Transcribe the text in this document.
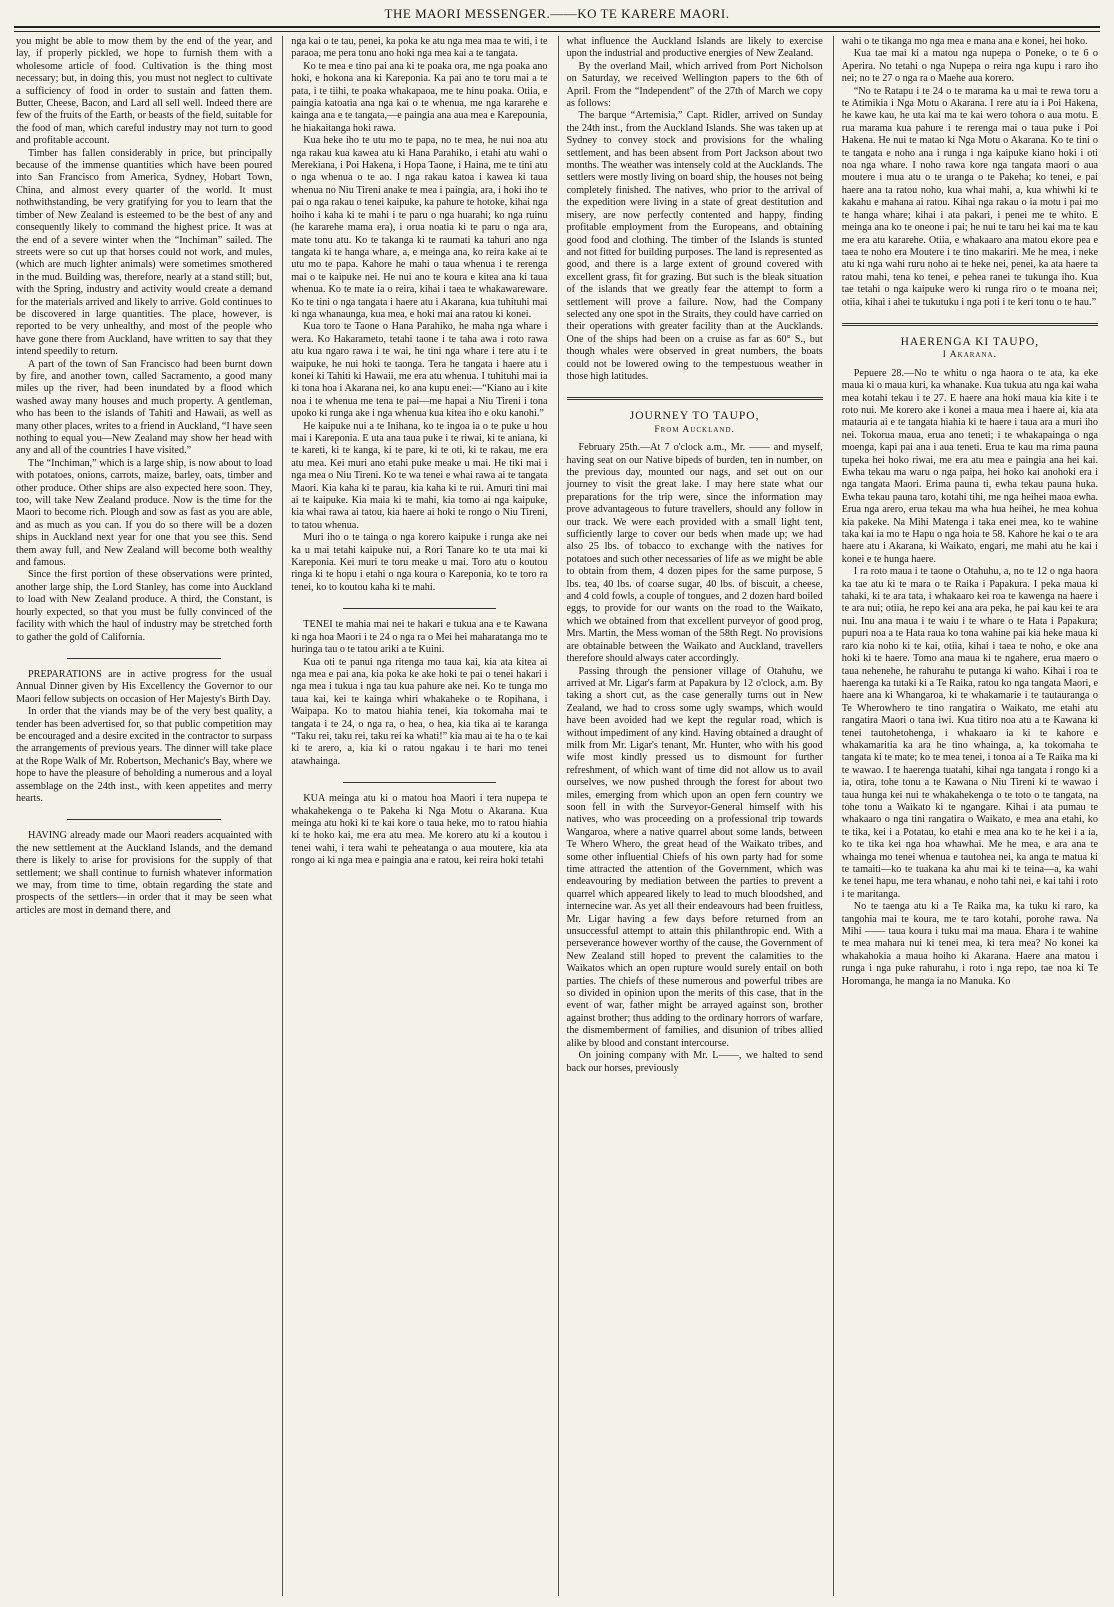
THE MAORI MESSENGER.——KO TE KARERE MAORI.

you might be able to mow them by the end of the year, and lay, if properly pickled, we hope to furnish them with a wholesome article of food. Cultivation is the thing most necessary; but, in doing this, you must not neglect to cultivate a sufficiency of food in order to sustain and fatten them. Butter, Cheese, Bacon, and Lard all sell well. Indeed there are few of the fruits of the Earth, or beasts of the field, suitable for the food of man, which careful industry may not turn to good and profitable account.

Timber has fallen considerably in price, but principally because of the immense quantities which have been poured into San Francisco from America, Sydney, Hobart Town, China, and almost every quarter of the world. It must nothwithstanding, be very gratifying for you to learn that the timber of New Zealand is esteemed to be the best of any and consequently likely to command the highest price. It was at the end of a severe winter when the “Inchiman” sailed. The streets were so cut up that horses could not work, and mules, (which are much lighter animals) were sometimes smothered in the mud. Building was, therefore, nearly at a stand still; but, with the Spring, industry and activity would create a demand for the materials arrived and likely to arrive. Gold continues to be discovered in large quantities. The place, however, is reported to be very unhealthy, and most of the people who have gone there from Auckland, have written to say that they intend speedily to return.

A part of the town of San Francisco had been burnt down by fire, and another town, called Sacramento, a good many miles up the river, had been inundated by a flood which washed away many houses and much property. A gentleman, who has been to the islands of Tahiti and Hawaii, as well as many other places, writes to a friend in Auckland, “I have seen nothing to equal you—New Zealand may show her head with any and all of the countries I have visited.”

The “Inchiman,” which is a large ship, is now about to load with potatoes, onions, carrots, maize, barley, oats, timber and other produce. Other ships are also expected here soon. They, too, will take New Zealand produce. Now is the time for the Maori to become rich. Plough and sow as fast as you are able, and as much as you can. If you do so there will be a dozen ships in Auckland next year for one that you see this. Send them away full, and New Zealand will become both wealthy and famous.

Since the first portion of these observations were printed, another large ship, the Lord Stanley, has come into Auckland to load with New Zealand produce. A third, the Constant, is hourly expected, so that you must be fully convinced of the facility with which the haul of industry may be stretched forth to gather the gold of California.

PREPARATIONS are in active progress for the usual Annual Dinner given by His Excellency the Governor to our Maori fellow subjects on occasion of Her Majesty's Birth Day.

In order that the viands may be of the very best quality, a tender has been advertised for, so that public competition may be encouraged and a desire excited in the contractor to surpass the arrangements of previous years. The dinner will take place at the Rope Walk of Mr. Robertson, Mechanic's Bay, where we hope to have the pleasure of beholding a numerous and a loyal assemblage on the 24th inst., with keen appetites and merry hearts.

HAVING already made our Maori readers acquainted with the new settlement at the Auckland Islands, and the demand there is likely to arise for provisions for the supply of that settlement; we shall continue to furnish whatever information we may, from time to time, obtain regarding the state and prospects of the settlers—in order that it may be seen what articles are most in demand there, and

nga kai o te tau, penei, ka poka ke atu nga mea maa te witi, i te paraoa, me pera tonu ano hoki nga mea kai a te tangata.

Ko te mea e tino pai ana ki te poaka ora, me nga poaka ano hoki, e hokona ana ki Kareponia. Ka pai ano te toru mai a te pata, i te tiihi, te poaka whakapaoa, me te hinu poaka. Otiia, e paingia katoatia ana nga kai o te whenua, me nga kararehe e kainga ana e te tangata,—e paingia ana aua mea e Karepounia, he hiakaitanga hoki rawa.

Kua heke iho te utu mo te papa, no te mea, he nui noa atu nga rakau kua kawea atu ki Hana Parahiko, i etahi atu wahi o Merekiana, i Poi Hakena, i Hopa Taone, i Haina, me te tini atu o nga whenua o te ao. I nga rakau katoa i kawea ki taua whenua no Niu Tireni anake te mea i paingia, ara, i hoki iho te pai o nga rakau o tenei kaipuke, ka pahure te hotoke, kihai nga hoiho i kaha ki te mahi i te paru o nga huarahi; ko nga ruinu (he kararehe mama era), i orua noatia ki te paru o nga ara, mate tonu atu. Ko te takanga ki te raumati ka tahuri ano nga tangata ki te hanga whare, a, e meinga ana, ko reira kake ai te utu mo te papa. Kahore he mahi o taua whenua i te rerenga mai o te kaipuke nei. He nui ano te koura e kitea ana ki taua whenua. Ko te mate ia o reira, kihai i taea te whakawareware. Ko te tini o nga tangata i haere atu i Akarana, kua tuhituhi mai ki nga whanaunga, kua mea, e hoki mai ana ratou ki konei.

Kua toro te Taone o Hana Parahiko, he maha nga whare i wera. Ko Hakarameto, tetahi taone i te taha awa i roto rawa atu kua ngaro rawa i te wai, he tini nga whare i tere atu i te waipuke, he nui hoki te taonga. Tera he tangata i haere atu i konei ki Tahiti ki Hawaii, me era atu whenua. I tuhituhi mai ia ki tona hoa i Akarana nei, ko ana kupu enei:—“Kiano au i kite noa i te whenua me tena te pai—me hapai a Niu Tireni i tona upoko ki runga ake i nga whenua kua kitea iho e oku kanohi.”

He kaipuke nui a te Inihana, ko te ingoa ia o te puke u hou mai i Kareponia. E uta ana taua puke i te riwai, ki te aniana, ki te kareti, ki te kanga, ki te pare, ki te oti, ki te rakau, me era atu mea. Kei muri ano etahi puke meake u mai. He tiki mai i nga mea o Niu Tireni. Ko te wa tenei e whai rawa ai te tangata Maori. Kia kaha ki te parau, kia kaha ki te rui. Amuri tini mai ai te kaipuke. Kia maia ki te mahi, kia tomo ai nga kaipuke, kia whai rawa ai tatou, kia haere ai hoki te rongo o Niu Tireni, to tatou whenua.

Muri iho o te tainga o nga korero kaipuke i runga ake nei ka u mai tetahi kaipuke nui, a Rori Tanare ko te uta mai ki Kareponia. Kei muri te toru meake u mai. Toro atu o koutou ringa ki te hopu i etahi o nga koura o Kareponia, ko te toro ra tenei, ko to koutou kaha ki te mahi.

TENEI te mahia mai nei te hakari e tukua ana e te Kawana ki nga hoa Maori i te 24 o nga ra o Mei hei maharatanga mo te huringa tau o te tatou ariki a te Kuini.

Kua oti te panui nga ritenga mo taua kai, kia ata kitea ai nga mea e pai ana, kia poka ke ake hoki te pai o tenei hakari i nga mea i tukua i nga tau kua pahure ake nei. Ko te tunga mo taua kai, kei te kainga whiri whakaheke o te Ropihana, i Waipapa. Ko to matou hiahia tenei, kia tokomaha mai te tangata i te 24, o nga ra, o hea, o hea, kia tika ai te karanga “Taku rei, taku rei, taku rei ka whati!” kia mau ai te ha o te kai ki te arero, a, kia ki o ratou ngakau i te hari mo tenei atawhainga.

KUA meinga atu ki o matou hoa Maori i tera nupepa te whakahekenga o te Pakeha ki Nga Motu o Akarana. Kua meinga atu hoki ki te kai kore o taua heke, mo to ratou hiahia ki te hoko kai, me era atu mea. Me korero atu ki a koutou i tenei wahi, i tera wahi te peheatanga o aua moutere, kia ata rongo ai ki nga mea e paingia ana e ratou, kei reira hoki tetahi

what influence the Auckland Islands are likely to exercise upon the industrial and productive energies of New Zealand.

By the overland Mail, which arrived from Port Nicholson on Saturday, we received Wellington papers to the 6th of April. From the “Independent” of the 27th of March we copy as follows:

The barque “Artemisia,” Capt. Ridler, arrived on Sunday the 24th inst., from the Auckland Islands. She was taken up at Sydney to convey stock and provisions for the whaling settlement, and has been absent from Port Jackson about two months. The weather was intensely cold at the Aucklands. The settlers were mostly living on board ship, the houses not being completely finished. The natives, who prior to the arrival of the expedition were living in a state of great destitution and misery, are now perfectly contented and happy, finding profitable employment from the Europeans, and obtaining good food and clothing. The timber of the Islands is stunted and not fitted for building purposes. The land is represented as good, and there is a large extent of ground covered with excellent grass, fit for grazing. But such is the bleak situation of the islands that we greatly fear the attempt to form a settlement will prove a failure. Now, had the Company selected any one spot in the Straits, they could have carried on their operations with greater facility than at the Aucklands. One of the ships had been on a cruise as far as 60° S., but though whales were observed in great numbers, the boats could not be lowered owing to the tempestuous weather in those high latitudes.

JOURNEY TO TAUPO,

From Auckland.

February 25th.—At 7 o'clock a.m., Mr. —— and myself, having seat on our Native bipeds of burden, ten in number, on the previous day, mounted our nags, and set out on our journey to visit the great lake. I may here state what our preparations for the trip were, since the information may prove advantageous to future travellers, should any follow in our track. We were each provided with a small light tent, sufficiently large to cover our beds when made up; we had also 25 lbs. of tobacco to exchange with the natives for potatoes and such other necessaries of life as we might be able to obtain from them, 4 dozen pipes for the same purpose, 5 lbs. tea, 40 lbs. of coarse sugar, 40 lbs. of biscuit, a cheese, and 4 cold fowls, a couple of tongues, and 2 dozen hard boiled eggs, to provide for our wants on the road to the Waikato, which we obtained from that excellent purveyor of good prog, Mrs. Martin, the Mess woman of the 58th Regt. No provisions are obtainable between the Waikato and Auckland, travellers therefore should always cater accordingly.

Passing through the pensioner village of Otahuhu, we arrived at Mr. Ligar's farm at Papakura by 12 o'clock, a.m. By taking a short cut, as the case generally turns out in New Zealand, we had to cross some ugly swamps, which would have been avoided had we kept the regular road, which is without impediment of any kind. Having obtained a draught of milk from Mr. Ligar's tenant, Mr. Hunter, who with his good wife most kindly pressed us to dismount for further refreshment, of which want of time did not allow us to avail ourselves, we now pushed through the forest for about two miles, emerging from which upon an open fern country we soon fell in with the Surveyor-General himself with his natives, who was proceeding on a professional trip towards Wangaroa, where a native quarrel about some lands, between Te Whero Whero, the great head of the Waikato tribes, and some other influential Chiefs of his own party had for some time attracted the attention of the Government, which was endeavouring by mediation between the parties to prevent a quarrel which appeared likely to lead to much bloodshed, and internecine war. As yet all their endeavours had been fruitless, Mr. Ligar having a few days before returned from an unsuccessful attempt to attain this philanthropic end. With a perseverance however worthy of the cause, the Government of New Zealand still hoped to prevent the calamities to the Waikatos which an open rupture would surely entail on both parties. The chiefs of these numerous and powerful tribes are so divided in opinion upon the merits of this case, that in the event of war, father might be arrayed against son, brother against brother; thus adding to the ordinary horrors of warfare, the dismemberment of families, and disunion of tribes allied alike by blood and constant intercourse.

On joining company with Mr. L——, we halted to send back our horses, previously

wahi o te tikanga mo nga mea e mana ana e konei, hei hoko.

Kua tae mai ki a matou nga nupepa o Poneke, o te 6 o Aperira. No tetahi o nga Nupepa o reira nga kupu i raro iho nei; no te 27 o nga ra o Maehe aua korero.

“No te Ratapu i te 24 o te marama ka u mai te rewa toru a te Atimikia i Nga Motu o Akarana. I rere atu ia i Poi Hakena, he kawe kau, he uta kai ma te kai wero tohora o aua motu. E rua marama kua pahure i te rerenga mai o taua puke i Poi Hakena. He nui te matao ki Nga Motu o Akarana. Ko te tini o te tangata e noho ana i runga i nga kaipuke kiano hoki i oti noa nga whare. I noho rawa kore nga tangata maori o aua moutere i mua atu o te uranga o te Pakeha; ko tenei, e pai haere ana ta ratou noho, kua whai mahi, a, kua whiwhi ki te kakahu e mahana ai ratou. Kihai nga rakau o ia motu i pai mo te hanga whare; kihai i ata pakari, i penei me te whito. E meinga ana ko te oneone i pai; he nui te taru hei kai ma te kau me era atu kararehe. Otiia, e whakaaro ana matou ekore pea e taea te noho era Moutere i te tino makariri. Me he mea, i neke atu ki nga wahi ruru noho ai te heke nei, penei, ka ata haere ta ratou mahi, tena ko tenei, e pehea ranei te tukunga iho. Kua tae tetahi o nga kaipuke wero ki runga riro o te moana nei; otiia, kihai i ahei te tukutuku i nga poti i te keri tonu o te hau.”

HAERENGA KI TAUPO,

I Akarana.

Pepuere 28.—No te whitu o nga haora o te ata, ka eke maua ki o maua kuri, ka whanake. Kua tukua atu nga kai waha mea kotahi tekau i te 27. E haere ana hoki maua kia kite i te roto nui. Me korero ake i konei a maua mea i haere ai, kia ata matauria ai e te tangata hiahia ki te haere i taua ara a muri iho nei. Tokorua maua, erua ano teneti; i te whakapainga o nga moenga, kapi pai ana i aua teneti. Erua te kau ma rima pauna tupeka hei hoko riwai, me era atu mea e paingia ana hei kai. Ewha tekau ma waru o nga paipa, hei hoko kai anohoki era i nga tangata Maori. Erima pauna ti, ewha tekau pauna huka. Ewha tekau pauna taro, kotahi tihi, me nga heihei maoa ewha. Erua nga arero, erua tekau ma wha hua heihei, he mea kohua kia pakeke. Na Mihi Matenga i taka enei mea, ko te wahine taka kai ia mo te Hapu o nga hoia te 58. Kahore he kai o te ara haere atu i Akarana, ki Waikato, engari, me mahi atu he kai i konei e te hunga haere.

I ra roto maua i te taone o Otahuhu, a, no te 12 o nga haora ka tae atu ki te mara o te Raika i Papakura. I peka maua ki tahaki, ki te ara tata, i whakaaro kei roa te kawenga na haere i te ara nui; otiia, he repo kei ana ara peka, he pai kau kei te ara nui. Inu ana maua i te waiu i te whare o te Hata i Papakura; pupuri noa a te Hata raua ko tona wahine pai kia heke maua ki raro kia noho ki te kai, otiia, kihai i taea te noho, e oke ana hoki ki te haere. Tomo ana maua ki te ngahere, erua maero o taua nehenehe, he rahurahu te putanga ki waho. Kihai i roa te haerenga ka tutaki ki a Te Raika, ratou ko nga tangata Maori, e haere ana ki Whangaroa, ki te whakamarie i te tautauranga o Te Wherowhero te tino rangatira o Waikato, me etahi atu rangatira Maori o tana iwi. Kua titiro noa atu a te Kawana ki tenei tautohetohenga, i whakaaro ia ki te kahore e whakamaritia ka ara he tino whainga, a, ka tokomaha te tangata ki te mate; ko te mea tenei, i tonoa ai a Te Raika ma ki te wawao. I te haerenga tuatahi, kihai nga tangata i rongo ki a ia, otira, tohe tonu a te Kawana o Niu Tireni ki te wawao i taua hunga kei nui te whakahekenga o te toto o te tangata, na tohe tonu a Waikato ki te ngangare. Kihai i ata pumau te whakaaro o nga tini rangatira o Waikato, e mea ana etahi, ko te tika, kei i a Potatau, ko etahi e mea ana ko te he kei i a ia, ko te tika kei nga hoa whawhai. Me he mea, e ara ana te whainga mo tenei whenua e tautohea nei, ka anga te matua ki te tamaiti—ko te tuakana ka ahu mai ki te teina—a, ka wahi ke tenei hapu, me tera whanau, e noho tahi nei, e kai tahi i roto i te maritanga.

No te taenga atu ki a Te Raika ma, ka tuku ki raro, ka tangohia mai te koura, me te taro kotahi, porohe rawa. Na Mihi —— taua koura i tuku mai ma maua. Ehara i te wahine te mea mahara nui ki tenei mea, ki tera mea? No konei ka whakahokia a maua hoiho ki Akarana. Haere ana matou i runga i nga puke rahurahu, i roto i nga repo, tae noa ki Te Horomanga, he manga ia no Manuka. Ko
